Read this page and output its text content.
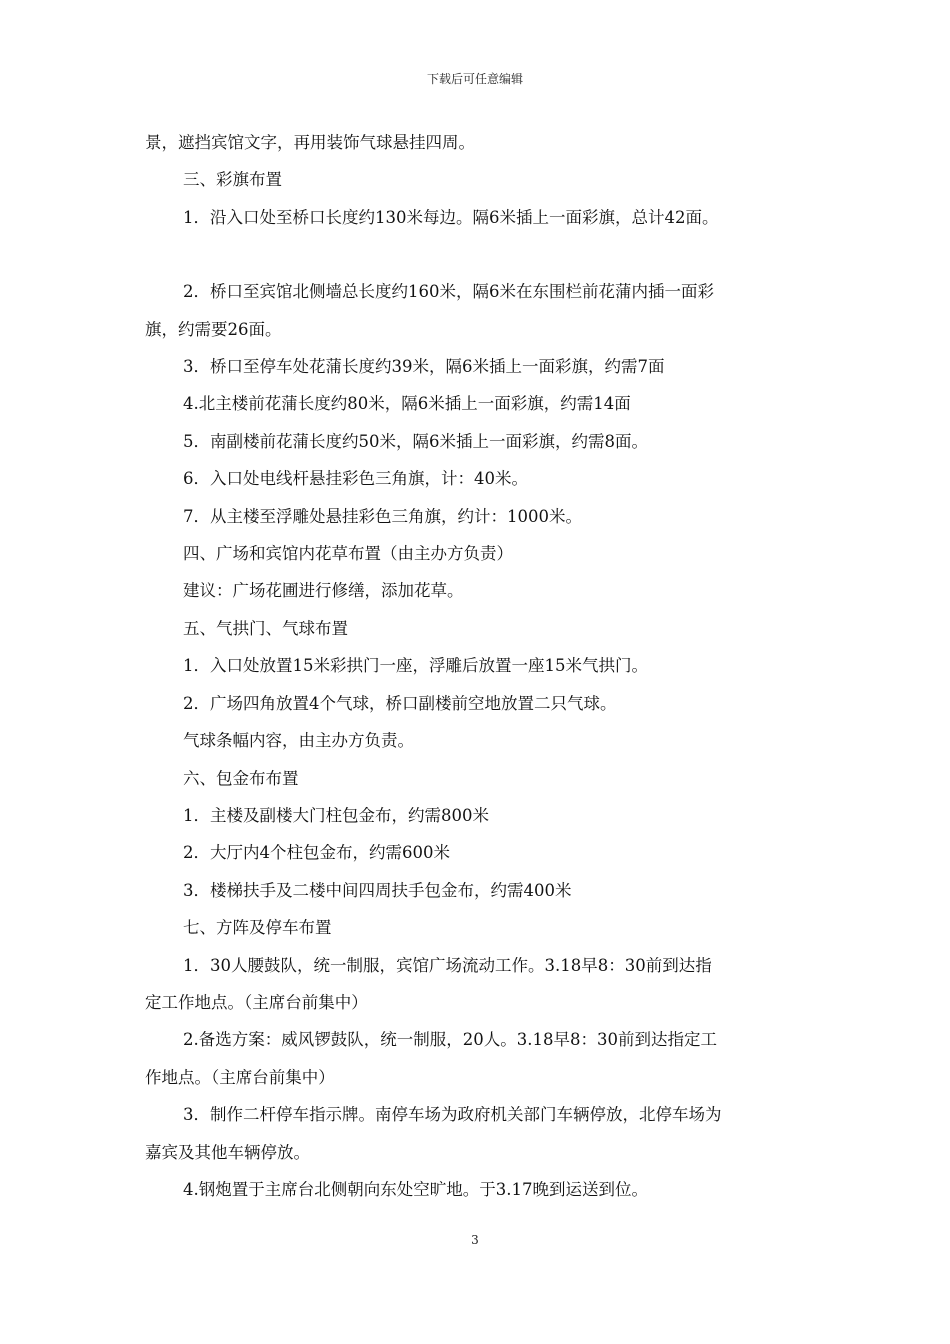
下载后可任意编辑

景，遮挡宾馆文字，再用装饰气球悬挂四周。

三、彩旗布置

1．沿入口处至桥口长度约130米每边。隔6米插上一面彩旗，总计42面。

2．桥口至宾馆北侧墙总长度约160米，隔6米在东围栏前花蒲内插一面彩

旗，约需要26面。

3．桥口至停车处花蒲长度约39米，隔6米插上一面彩旗，约需7面

4.北主楼前花蒲长度约80米，隔6米插上一面彩旗，约需14面

5．南副楼前花蒲长度约50米，隔6米插上一面彩旗，约需8面。

6．入口处电线杆悬挂彩色三角旗，计：40米。

7．从主楼至浮雕处悬挂彩色三角旗，约计：1000米。

四、广场和宾馆内花草布置（由主办方负责）

建议：广场花圃进行修缮，添加花草。

五、气拱门、气球布置

1．入口处放置15米彩拱门一座，浮雕后放置一座15米气拱门。

2．广场四角放置4个气球，桥口副楼前空地放置二只气球。

气球条幅内容，由主办方负责。

六、包金布布置

1．主楼及副楼大门柱包金布，约需800米

2．大厅内4个柱包金布，约需600米

3．楼梯扶手及二楼中间四周扶手包金布，约需400米

七、方阵及停车布置

1．30人腰鼓队，统一制服，宾馆广场流动工作。3.18早8：30前到达指

定工作地点。（主席台前集中）

2.备选方案：威风锣鼓队，统一制服，20人。3.18早8：30前到达指定工

作地点。（主席台前集中）

3．制作二杆停车指示牌。南停车场为政府机关部门车辆停放，北停车场为

嘉宾及其他车辆停放。

4.钢炮置于主席台北侧朝向东处空旷地。于3.17晚到运送到位。

3
